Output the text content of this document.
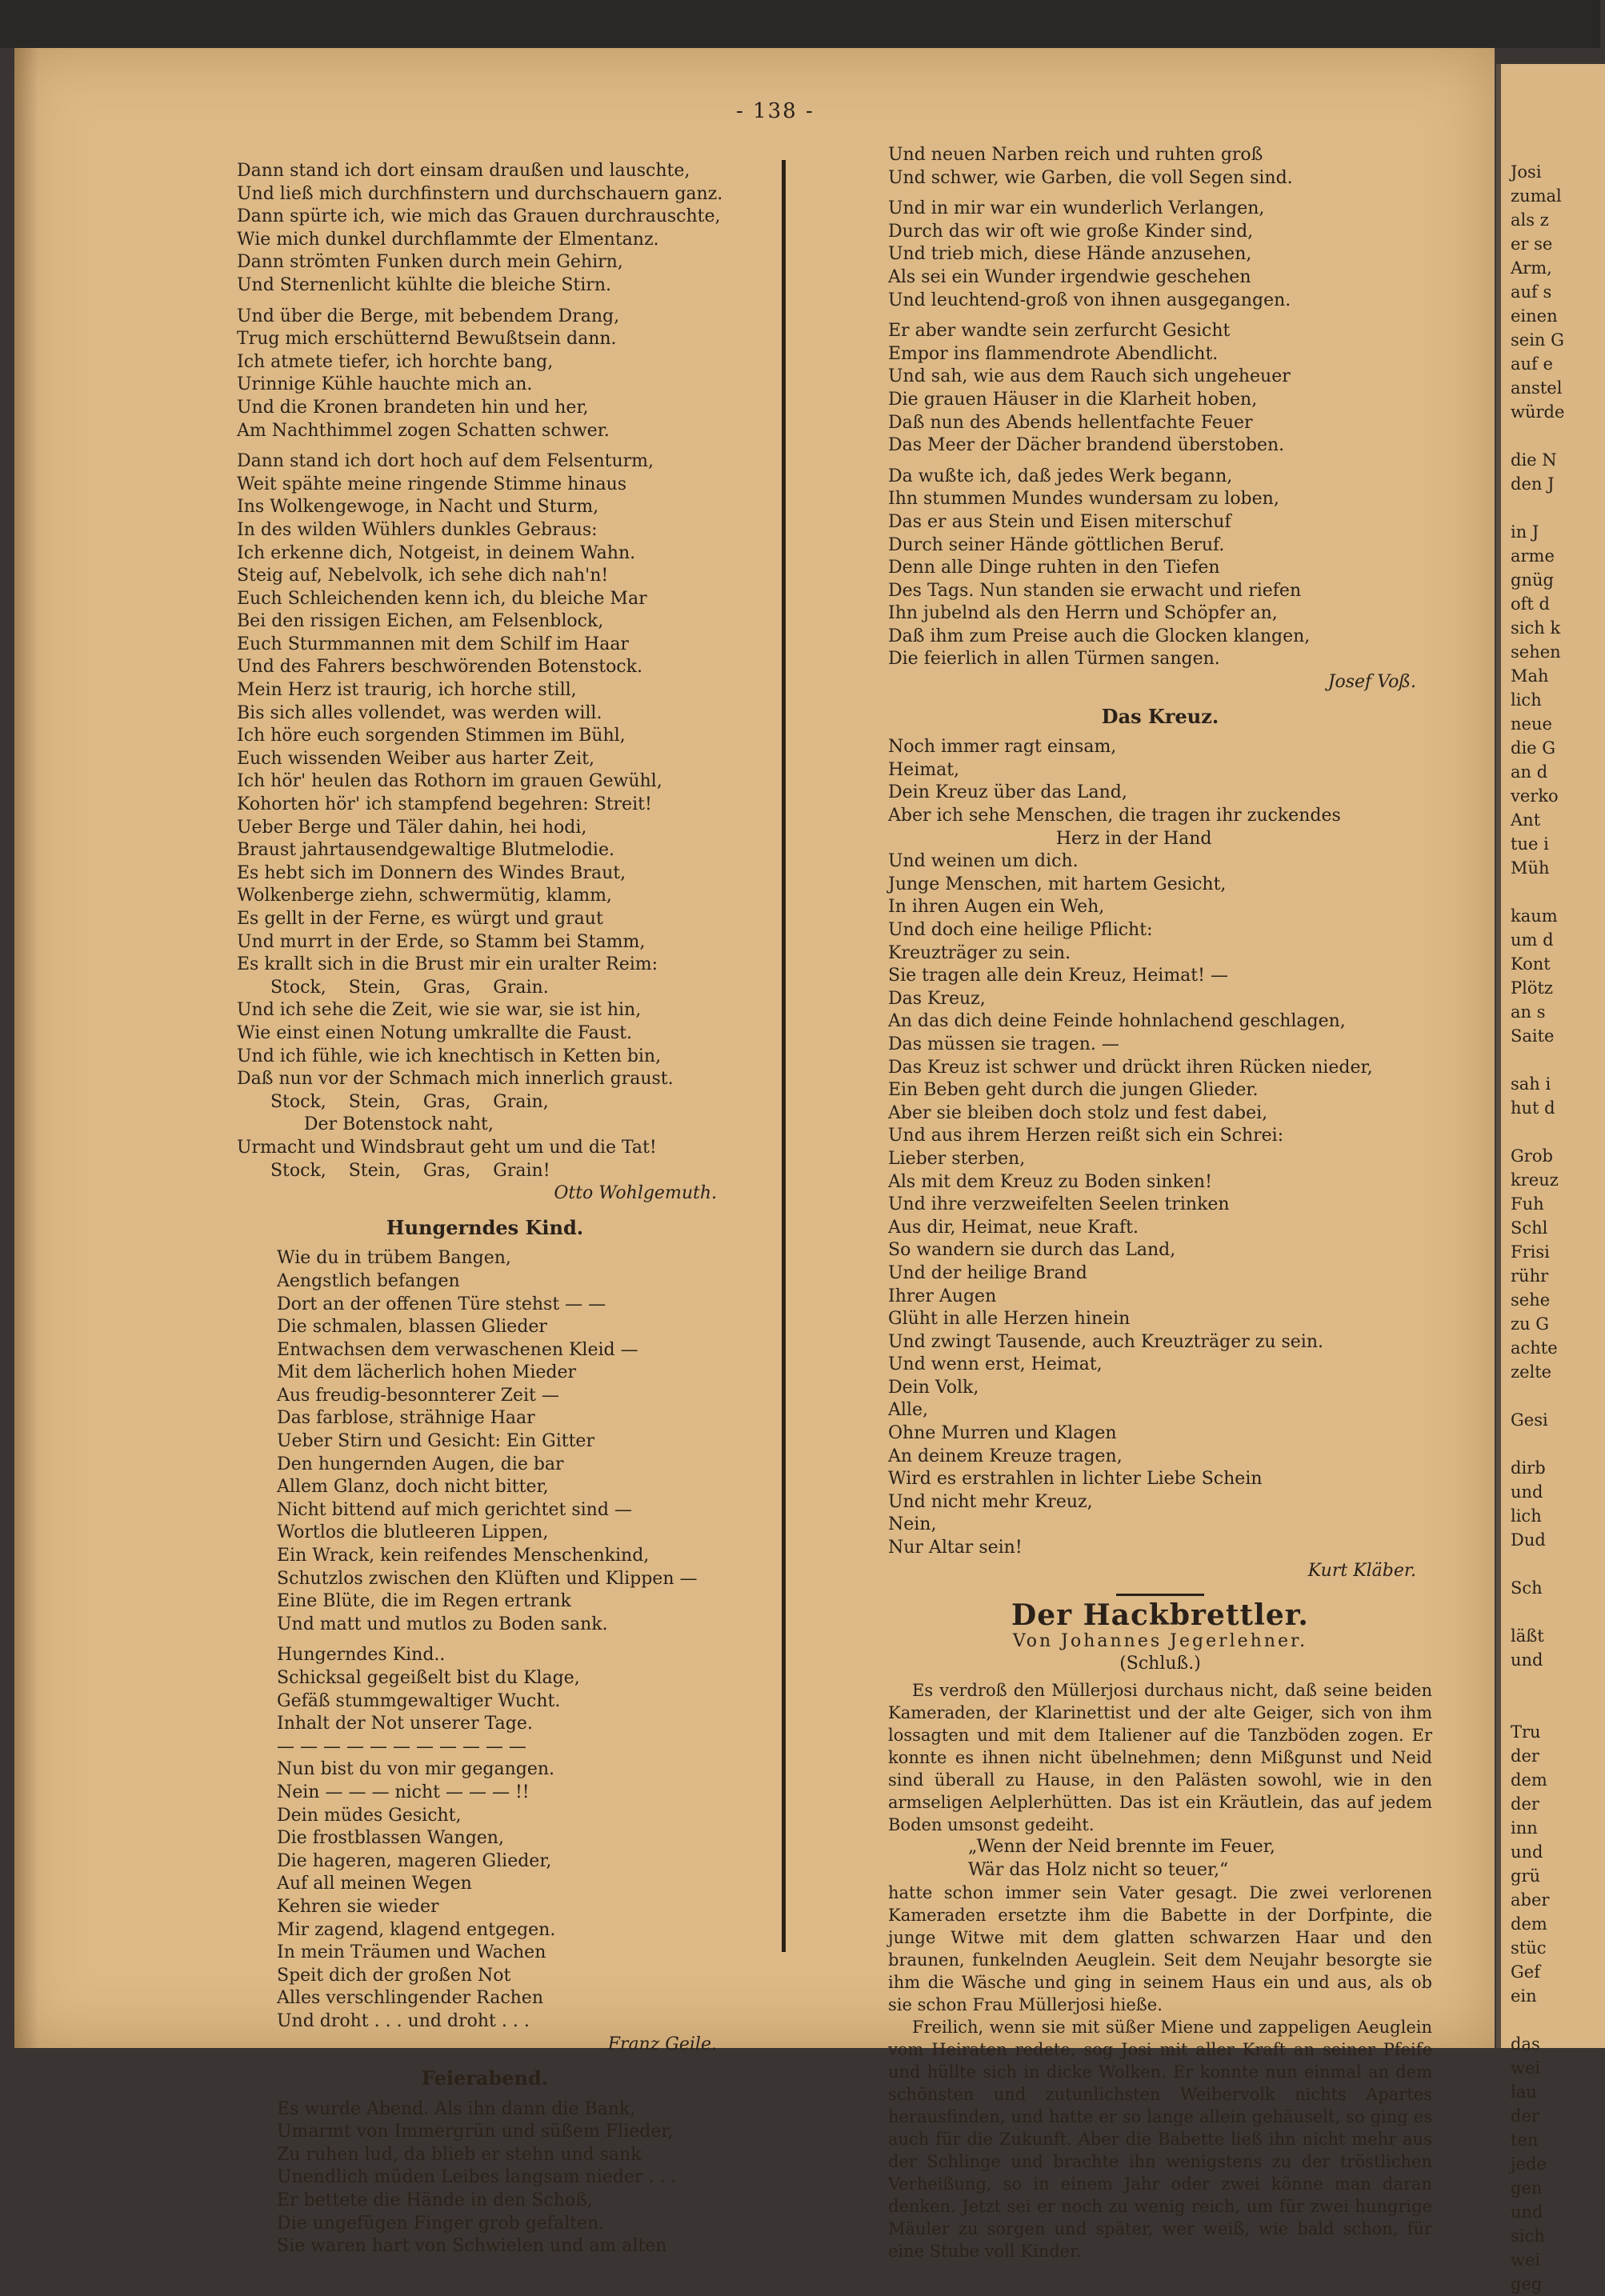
Josi
zumal
als z
er se
Arm,
auf s
einen
sein G
auf e
anstel
würde

die N
den J

in J
arme
gnüg
oft d
sich k
sehen
Mah
lich
neue
die G
an d
verko
Ant
tue i
Müh

kaum
um d
Kont
Plötz
an s
Saite

sah i
hut d

Grob
kreuz
Fuh
Schl
Frisi
rühr
sehe
zu G
achte
zelte

Gesi

dirb
und
lich
Dud

Sch

läßt
und

Tru
der
dem
der
inn
und
grü
aber
dem
stüc
Gef
ein

das
wei
lau
der
ten
jede
gen
und
sich
wei
geg
- 138 -
Dann stand ich dort einsam draußen und lauschte,
Und ließ mich durchfinstern und durchschauern ganz.
Dann spürte ich, wie mich das Grauen durchrauschte,
Wie mich dunkel durchflammte der Elmentanz.
Dann strömten Funken durch mein Gehirn,
Und Sternenlicht kühlte die bleiche Stirn.
Und über die Berge, mit bebendem Drang,
Trug mich erschütternd Bewußtsein dann.
Ich atmete tiefer, ich horchte bang,
Urinnige Kühle hauchte mich an.
Und die Kronen brandeten hin und her,
Am Nachthimmel zogen Schatten schwer.
Dann stand ich dort hoch auf dem Felsenturm,
Weit spähte meine ringende Stimme hinaus
Ins Wolkengewoge, in Nacht und Sturm,
In des wilden Wühlers dunkles Gebraus:
Ich erkenne dich, Notgeist, in deinem Wahn.
Steig auf, Nebelvolk, ich sehe dich nah'n!
Euch Schleichenden kenn ich, du bleiche Mar
Bei den rissigen Eichen, am Felsenblock,
Euch Sturmmannen mit dem Schilf im Haar
Und des Fahrers beschwörenden Botenstock.
Mein Herz ist traurig, ich horche still,
Bis sich alles vollendet, was werden will.
Ich höre euch sorgenden Stimmen im Bühl,
Euch wissenden Weiber aus harter Zeit,
Ich hör' heulen das Rothorn im grauen Gewühl,
Kohorten hör' ich stampfend begehren: Streit!
Ueber Berge und Täler dahin, hei hodi,
Braust jahrtausendgewaltige Blutmelodie.
Es hebt sich im Donnern des Windes Braut,
Wolkenberge ziehn, schwermütig, klamm,
Es gellt in der Ferne, es würgt und graut
Und murrt in der Erde, so Stamm bei Stamm,
Es krallt sich in die Brust mir ein uralter Reim:
Stock,    Stein,    Gras,    Grain.
Und ich sehe die Zeit, wie sie war, sie ist hin,
Wie einst einen Notung umkrallte die Faust.
Und ich fühle, wie ich knechtisch in Ketten bin,
Daß nun vor der Schmach mich innerlich graust.
Stock,    Stein,    Gras,    Grain,
Der Botenstock naht,
Urmacht und Windsbraut geht um und die Tat!
Stock,    Stein,    Gras,    Grain!
Otto Wohlgemuth.
Hungerndes Kind.
Wie du in trübem Bangen,
Aengstlich befangen
Dort an der offenen Türe stehst — —
Die schmalen, blassen Glieder
Entwachsen dem verwaschenen Kleid —
Mit dem lächerlich hohen Mieder
Aus freudig-besonnterer Zeit —
Das farblose, strähnige Haar
Ueber Stirn und Gesicht: Ein Gitter
Den hungernden Augen, die bar
Allem Glanz, doch nicht bitter,
Nicht bittend auf mich gerichtet sind —
Wortlos die blutleeren Lippen,
Ein Wrack, kein reifendes Menschenkind,
Schutzlos zwischen den Klüften und Klippen —
Eine Blüte, die im Regen ertrank
Und matt und mutlos zu Boden sank.
Hungerndes Kind..
Schicksal gegeißelt bist du Klage,
Gefäß stummgewaltiger Wucht.
Inhalt der Not unserer Tage.
— — — — — — — — — — —
Nun bist du von mir gegangen.
Nein — — — nicht — — — !!
Dein müdes Gesicht,
Die frostblassen Wangen,
Die hageren, mageren Glieder,
Auf all meinen Wegen
Kehren sie wieder
Mir zagend, klagend entgegen.
In mein Träumen und Wachen
Speit dich der großen Not
Alles verschlingender Rachen
Und droht . . . und droht . . .
Franz Geile.
Feierabend.
Es wurde Abend. Als ihn dann die Bank,
Umarmt von Immergrün und süßem Flieder,
Zu ruhen lud, da blieb er stehn und sank
Unendlich müden Leibes langsam nieder . . .
Er bettete die Hände in den Schoß,
Die ungefügen Finger grob gefalten.
Sie waren hart von Schwielen und am alten
Und neuen Narben reich und ruhten groß
Und schwer, wie Garben, die voll Segen sind.
Und in mir war ein wunderlich Verlangen,
Durch das wir oft wie große Kinder sind,
Und trieb mich, diese Hände anzusehen,
Als sei ein Wunder irgendwie geschehen
Und leuchtend-groß von ihnen ausgegangen.
Er aber wandte sein zerfurcht Gesicht
Empor ins flammendrote Abendlicht.
Und sah, wie aus dem Rauch sich ungeheuer
Die grauen Häuser in die Klarheit hoben,
Daß nun des Abends hellentfachte Feuer
Das Meer der Dächer brandend überstoben.
Da wußte ich, daß jedes Werk begann,
Ihn stummen Mundes wundersam zu loben,
Das er aus Stein und Eisen miterschuf
Durch seiner Hände göttlichen Beruf.
Denn alle Dinge ruhten in den Tiefen
Des Tags. Nun standen sie erwacht und riefen
Ihn jubelnd als den Herrn und Schöpfer an,
Daß ihm zum Preise auch die Glocken klangen,
Die feierlich in allen Türmen sangen.
Josef Voß.
Das Kreuz.
Noch immer ragt einsam,
Heimat,
Dein Kreuz über das Land,
Aber ich sehe Menschen, die tragen ihr zuckendes
Herz in der Hand
Und weinen um dich.
Junge Menschen, mit hartem Gesicht,
In ihren Augen ein Weh,
Und doch eine heilige Pflicht:
Kreuzträger zu sein.
Sie tragen alle dein Kreuz, Heimat! —
Das Kreuz,
An das dich deine Feinde hohnlachend geschlagen,
Das müssen sie tragen. —
Das Kreuz ist schwer und drückt ihren Rücken nieder,
Ein Beben geht durch die jungen Glieder.
Aber sie bleiben doch stolz und fest dabei,
Und aus ihrem Herzen reißt sich ein Schrei:
Lieber sterben,
Als mit dem Kreuz zu Boden sinken!
Und ihre verzweifelten Seelen trinken
Aus dir, Heimat, neue Kraft.
So wandern sie durch das Land,
Und der heilige Brand
Ihrer Augen
Glüht in alle Herzen hinein
Und zwingt Tausende, auch Kreuzträger zu sein.
Und wenn erst, Heimat,
Dein Volk,
Alle,
Ohne Murren und Klagen
An deinem Kreuze tragen,
Wird es erstrahlen in lichter Liebe Schein
Und nicht mehr Kreuz,
Nein,
Nur Altar sein!
Kurt Kläber.
Der Hackbrettler.
Von Johannes Jegerlehner.
(Schluß.)
Es verdroß den Müllerjosi durchaus nicht, daß seine beiden Kameraden, der Klarinettist und der alte Geiger, sich von ihm lossagten und mit dem Italiener auf die Tanzböden zogen. Er konnte es ihnen nicht übelnehmen; denn Mißgunst und Neid sind überall zu Hause, in den Palästen sowohl, wie in den armseligen Aelplerhütten. Das ist ein Kräutlein, das auf jedem Boden umsonst gedeiht.
„Wenn der Neid brennte im Feuer,
Wär das Holz nicht so teuer,“
hatte schon immer sein Vater gesagt. Die zwei verlorenen Kameraden ersetzte ihm die Babette in der Dorfpinte, die junge Witwe mit dem glatten schwarzen Haar und den braunen, funkelnden Aeuglein. Seit dem Neujahr besorgte sie ihm die Wäsche und ging in seinem Haus ein und aus, als ob sie schon Frau Müllerjosi hieße.
Freilich, wenn sie mit süßer Miene und zappeligen Aeuglein vom Heiraten redete, sog Josi mit aller Kraft an seiner Pfeife und hüllte sich in dicke Wolken. Er konnte nun einmal an dem schönsten und zutunlichsten Weibervolk nichts Apartes herausfinden, und hatte er so lange allein gehäuselt, so ging es auch für die Zukunft. Aber die Babette ließ ihn nicht mehr aus der Schlinge und brachte ihn wenigstens zu der tröstlichen Verheißung, so in einem Jahr oder zwei könne man daran denken. Jetzt sei er noch zu wenig reich, um für zwei hungrige Mäuler zu sorgen und später, wer weiß, wie bald schon, für eine Stube voll Kinder.
